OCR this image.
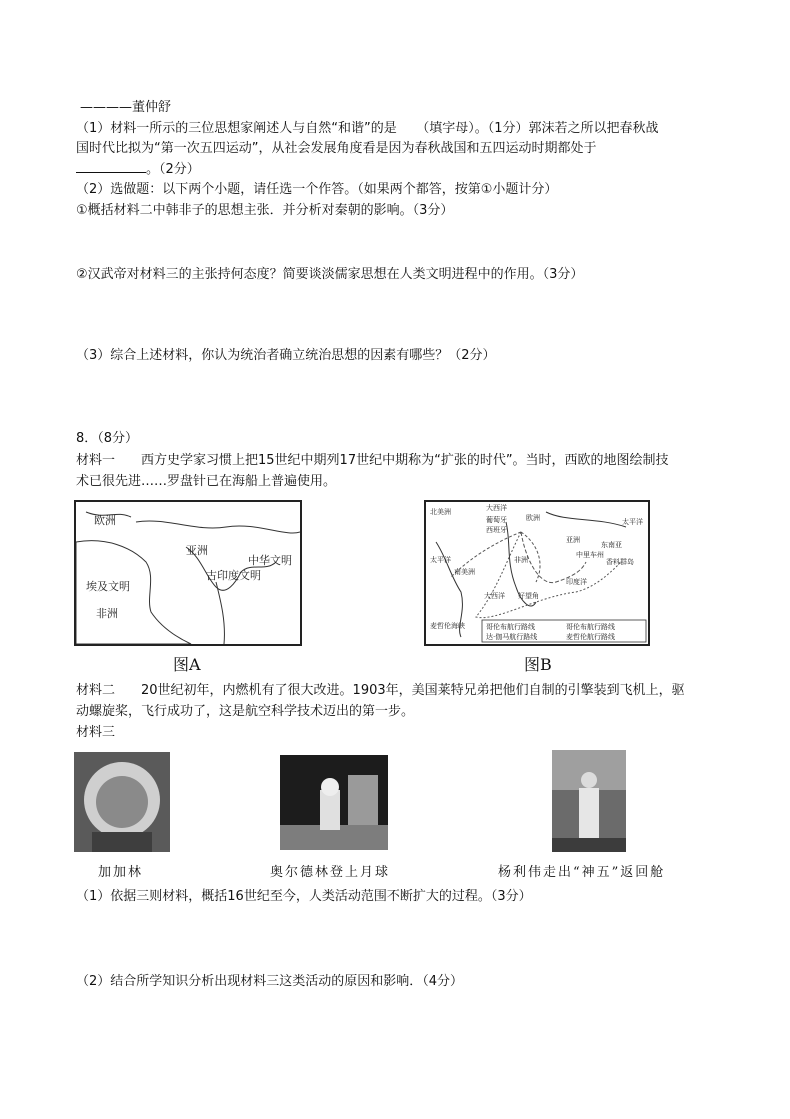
————董仲舒
（1）材料一所示的三位思想家阐述人与自然“和谐”的是　　（填字母）。（1分）郭沫若之所以把春秋战
国时代比拟为“第一次五四运动”，从社会发展角度看是因为春秋战国和五四运动时期都处于
。（2分）
（2）选做题：以下两个小题，请任选一个作答。（如果两个都答，按第①小题计分）
①概括材料二中韩非子的思想主张．并分析对秦朝的影响。（3分）
②汉武帝对材料三的主张持何态度？简要谈淡儒家思想在人类文明进程中的作用。（3分）
（3）综合上述材料，你认为统治者确立统治思想的因素有哪些？（2分）
8．（8分）
材料一　　西方史学家习惯上把15世纪中期列17世纪中期称为“扩张的时代”。当时，西欧的地图绘制技
术已很先进……罗盘针已在海船上普遍使用。
欧洲
亚洲
古印度文明
中华文明
埃及文明
非洲
图A
北美洲	大西洋
欧洲
葡萄牙
西班牙
亚洲
非洲
南美洲
太平洋
印度洋
中里车州
东南亚
香料群岛
太平洋
麦哲伦海峡
大西洋 好望角
哥伦布航行路线
达·伽马航行路线
哥伦布航行路线
麦哲伦航行路线
图B
材料二　　20世纪初年，内燃机有了很大改进。1903年，美国莱特兄弟把他们自制的引擎装到飞机上，驱
动螺旋桨，飞行成功了，这是航空科学技术迈出的第一步。
材料三
加加林	奥尔德林登上月球	杨利伟走出“神五”返回舱
（1）依据三则材料，概括16世纪至今，人类活动范围不断扩大的过程。（3分）
（2）结合所学知识分析出现材料三这类活动的原因和影响．（4分）
